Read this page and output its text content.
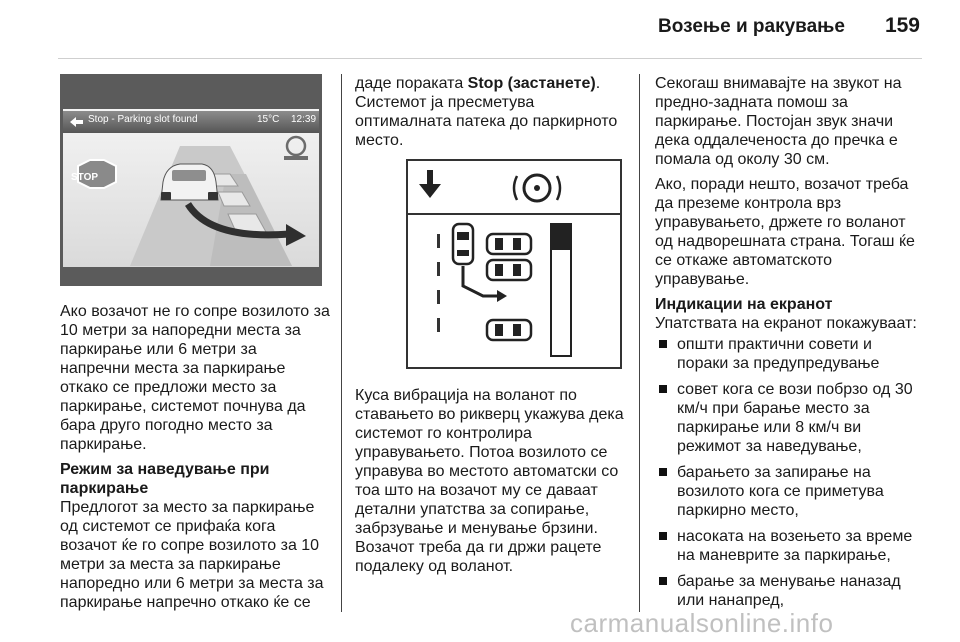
Возење и ракување 159
Stop - Parking slot found	15°C 12:39
STOP

Ако возачот не го сопре возилото за 10 метри за напоредни места за паркирање или 6 метри за напречни места за паркирање откако се предложи место за паркирање, системот почнува да бара друго погодно место за паркирање.

Режим за наведување при паркирање

Предлогот за место за паркирање од системот се прифаќа кога возачот ќе го сопре возилото за 10 метри за места за паркирање напоредно или 6 метри за места за паркирање напречно откако ќе се

даде пораката Stop (застанете). Системот ја пресметува оптималната патека до паркирното место.

Куса вибрација на воланот по ставањето во рикверц укажува дека системот го контролира управувањето. Потоа возилото се управува во местото автоматски со тоа што на возачот му се даваат детални упатства за сопирање, забрзување и менување брзини. Возачот треба да ги држи рацете подалеку од воланот.

Секогаш внимавајте на звукот на предно-задната помош за паркирање. Постојан звук значи дека оддалеченоста до пречка е помала од околу 30 см.

Ако, поради нешто, возачот треба да преземе контрола врз управувањето, држете го воланот од надворешната страна. Тогаш ќе се откаже автоматското управување.

Индикации на екранот

Упатствата на екранот покажуваат:

општи практични совети и пораки за предупредување
совет кога се вози побрзо од 30 км/ч при барање место за паркирање или 8 км/ч ви режимот за наведување,
барањето за запирање на возилото кога се приметува паркирно место,
насоката на возењето за време на маневрите за паркирање,
барање за менување наназад или нанапред,
carmanualsonline.info
